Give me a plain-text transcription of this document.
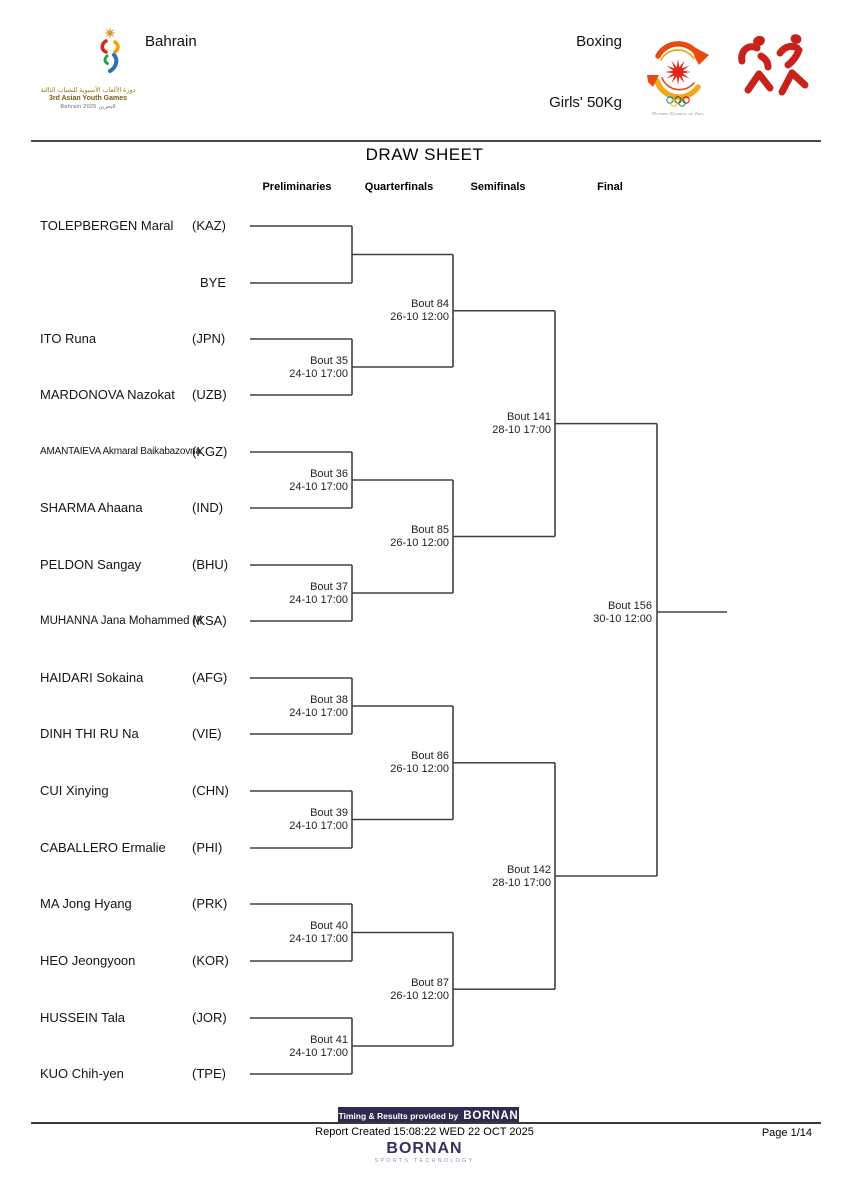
دورة الألعاب الآسيوية للشباب الثالثة
3rd Asian Youth Games
Bahrain 2025 البحرين
Bahrain	Boxing
Girls' 50Kg
Olympic Council of Asia
DRAW SHEET
Preliminaries	Quarterfinals	Semifinals	Final
TOLEPBERGEN Maral (KAZ)
BYE
ITO Runa	(JPN)
MARDONOVA Nazokat (UZB)
AMANTAIEVA Akmaral Baikabazovna
(KGZ)
SHARMA Ahaana	(IND)
PELDON Sangay	(BHU)
MUHANNA Jana Mohammed M
(KSA)
HAIDARI Sokaina	(AFG)
DINH THI RU Na	(VIE)
CUI Xinying	(CHN)
CABALLERO Ermalie (PHI)
MA Jong Hyang	(PRK)
HEO Jeongyoon	(KOR)
HUSSEIN Tala	(JOR)
KUO Chih-yen	(TPE)
Bout 35
24-10 17:00
Bout 36
24-10 17:00
Bout 37
24-10 17:00
Bout 38
24-10 17:00
Bout 39
24-10 17:00
Bout 40
24-10 17:00
Bout 41
24-10 17:00
Bout 84
26-10 12:00
Bout 85
26-10 12:00
Bout 86
26-10 12:00
Bout 87
26-10 12:00
Bout 141
28-10 17:00
Bout 142
28-10 17:00
Bout 156
30-10 12:00
Timing & Results provided by BORNAN
Report Created 15:08:22 WED 22 OCT 2025	Page 1/14
BORNAN
SPORTS TECHNOLOGY
